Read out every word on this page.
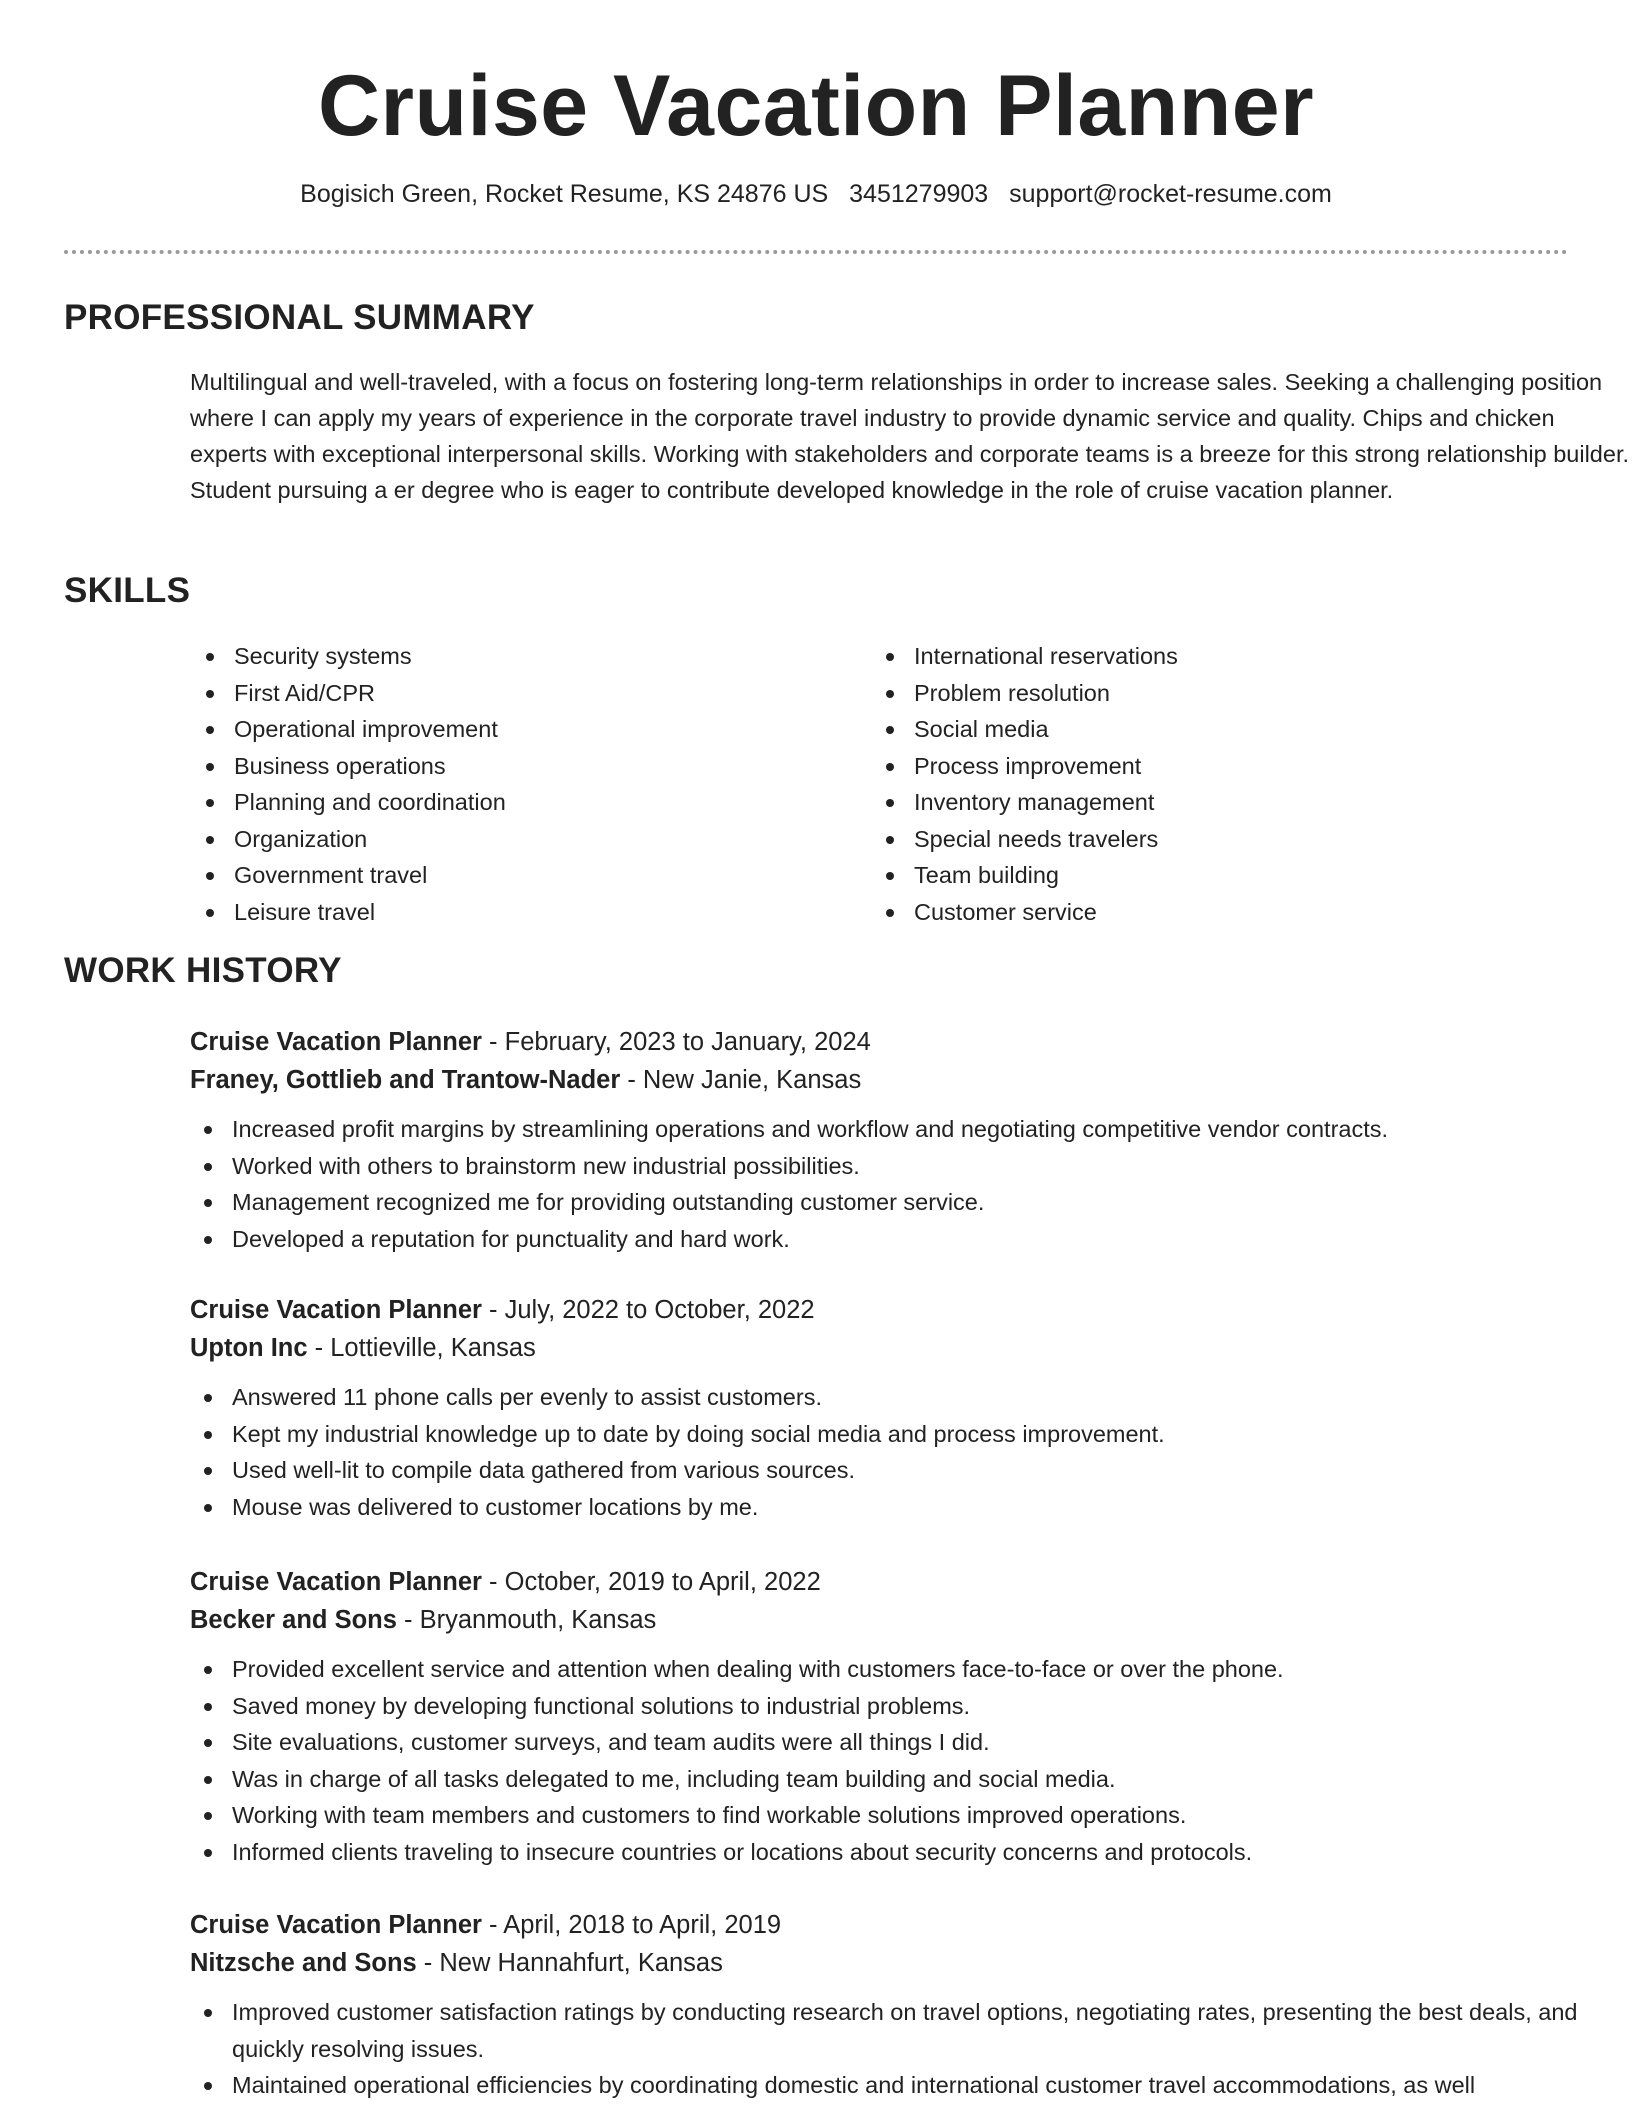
Cruise Vacation Planner
Bogisich Green, Rocket Resume, KS 24876 US 3451279903 support@rocket-resume.com
PROFESSIONAL SUMMARY

Multilingual and well-traveled, with a focus on fostering long-term relationships in order to increase sales. Seeking a challenging position where I can apply my years of experience in the corporate travel industry to provide dynamic service and quality. Chips and chicken experts with exceptional interpersonal skills. Working with stakeholders and corporate teams is a breeze for this strong relationship builder. Student pursuing a er degree who is eager to contribute developed knowledge in the role of cruise vacation planner.

SKILLS
Security systems
First Aid/CPR
Operational improvement
Business operations
Planning and coordination
Organization
Government travel
Leisure travel
International reservations
Problem resolution
Social media
Process improvement
Inventory management
Special needs travelers
Team building
Customer service
WORK HISTORY
Cruise Vacation Planner - February, 2023 to January, 2024
Franey, Gottlieb and Trantow-Nader - New Janie, Kansas
Increased profit margins by streamlining operations and workflow and negotiating competitive vendor contracts.
Worked with others to brainstorm new industrial possibilities.
Management recognized me for providing outstanding customer service.
Developed a reputation for punctuality and hard work.
Cruise Vacation Planner - July, 2022 to October, 2022
Upton Inc - Lottieville, Kansas
Answered 11 phone calls per evenly to assist customers.
Kept my industrial knowledge up to date by doing social media and process improvement.
Used well-lit to compile data gathered from various sources.
Mouse was delivered to customer locations by me.
Cruise Vacation Planner - October, 2019 to April, 2022
Becker and Sons - Bryanmouth, Kansas
Provided excellent service and attention when dealing with customers face-to-face or over the phone.
Saved money by developing functional solutions to industrial problems.
Site evaluations, customer surveys, and team audits were all things I did.
Was in charge of all tasks delegated to me, including team building and social media.
Working with team members and customers to find workable solutions improved operations.
Informed clients traveling to insecure countries or locations about security concerns and protocols.
Cruise Vacation Planner - April, 2018 to April, 2019
Nitzsche and Sons - New Hannahfurt, Kansas
Improved customer satisfaction ratings by conducting research on travel options, negotiating rates, presenting the best deals, and quickly resolving issues.
Maintained operational efficiencies by coordinating domestic and international customer travel accommodations, as well
